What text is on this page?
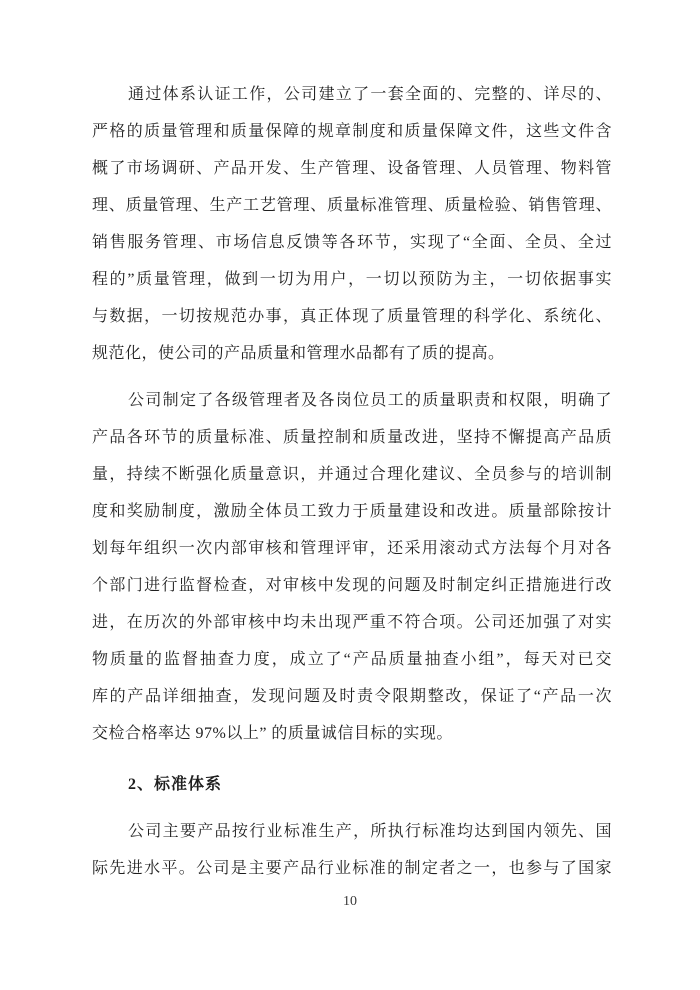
通过体系认证工作，公司建立了一套全面的、完整的、详尽的、
严格的质量管理和质量保障的规章制度和质量保障文件，这些文件含
概了市场调研、产品开发、生产管理、设备管理、人员管理、物料管
理、质量管理、生产工艺管理、质量标准管理、质量检验、销售管理、
销售服务管理、市场信息反馈等各环节，实现了“全面、全员、全过
程的”质量管理，做到一切为用户，一切以预防为主，一切依据事实
与数据，一切按规范办事，真正体现了质量管理的科学化、系统化、
规范化，使公司的产品质量和管理水品都有了质的提高。
公司制定了各级管理者及各岗位员工的质量职责和权限，明确了
产品各环节的质量标准、质量控制和质量改进，坚持不懈提高产品质
量，持续不断强化质量意识，并通过合理化建议、全员参与的培训制
度和奖励制度，激励全体员工致力于质量建设和改进。质量部除按计
划每年组织一次内部审核和管理评审，还采用滚动式方法每个月对各
个部门进行监督检查，对审核中发现的问题及时制定纠正措施进行改
进，在历次的外部审核中均未出现严重不符合项。公司还加强了对实
物质量的监督抽查力度，成立了“产品质量抽查小组”，每天对已交
库的产品详细抽查，发现问题及时责令限期整改，保证了“产品一次
交检合格率达 97%以上” 的质量诚信目标的实现。
2、标准体系
公司主要产品按行业标准生产，所执行标准均达到国内领先、国
际先进水平。公司是主要产品行业标准的制定者之一，也参与了国家
10
